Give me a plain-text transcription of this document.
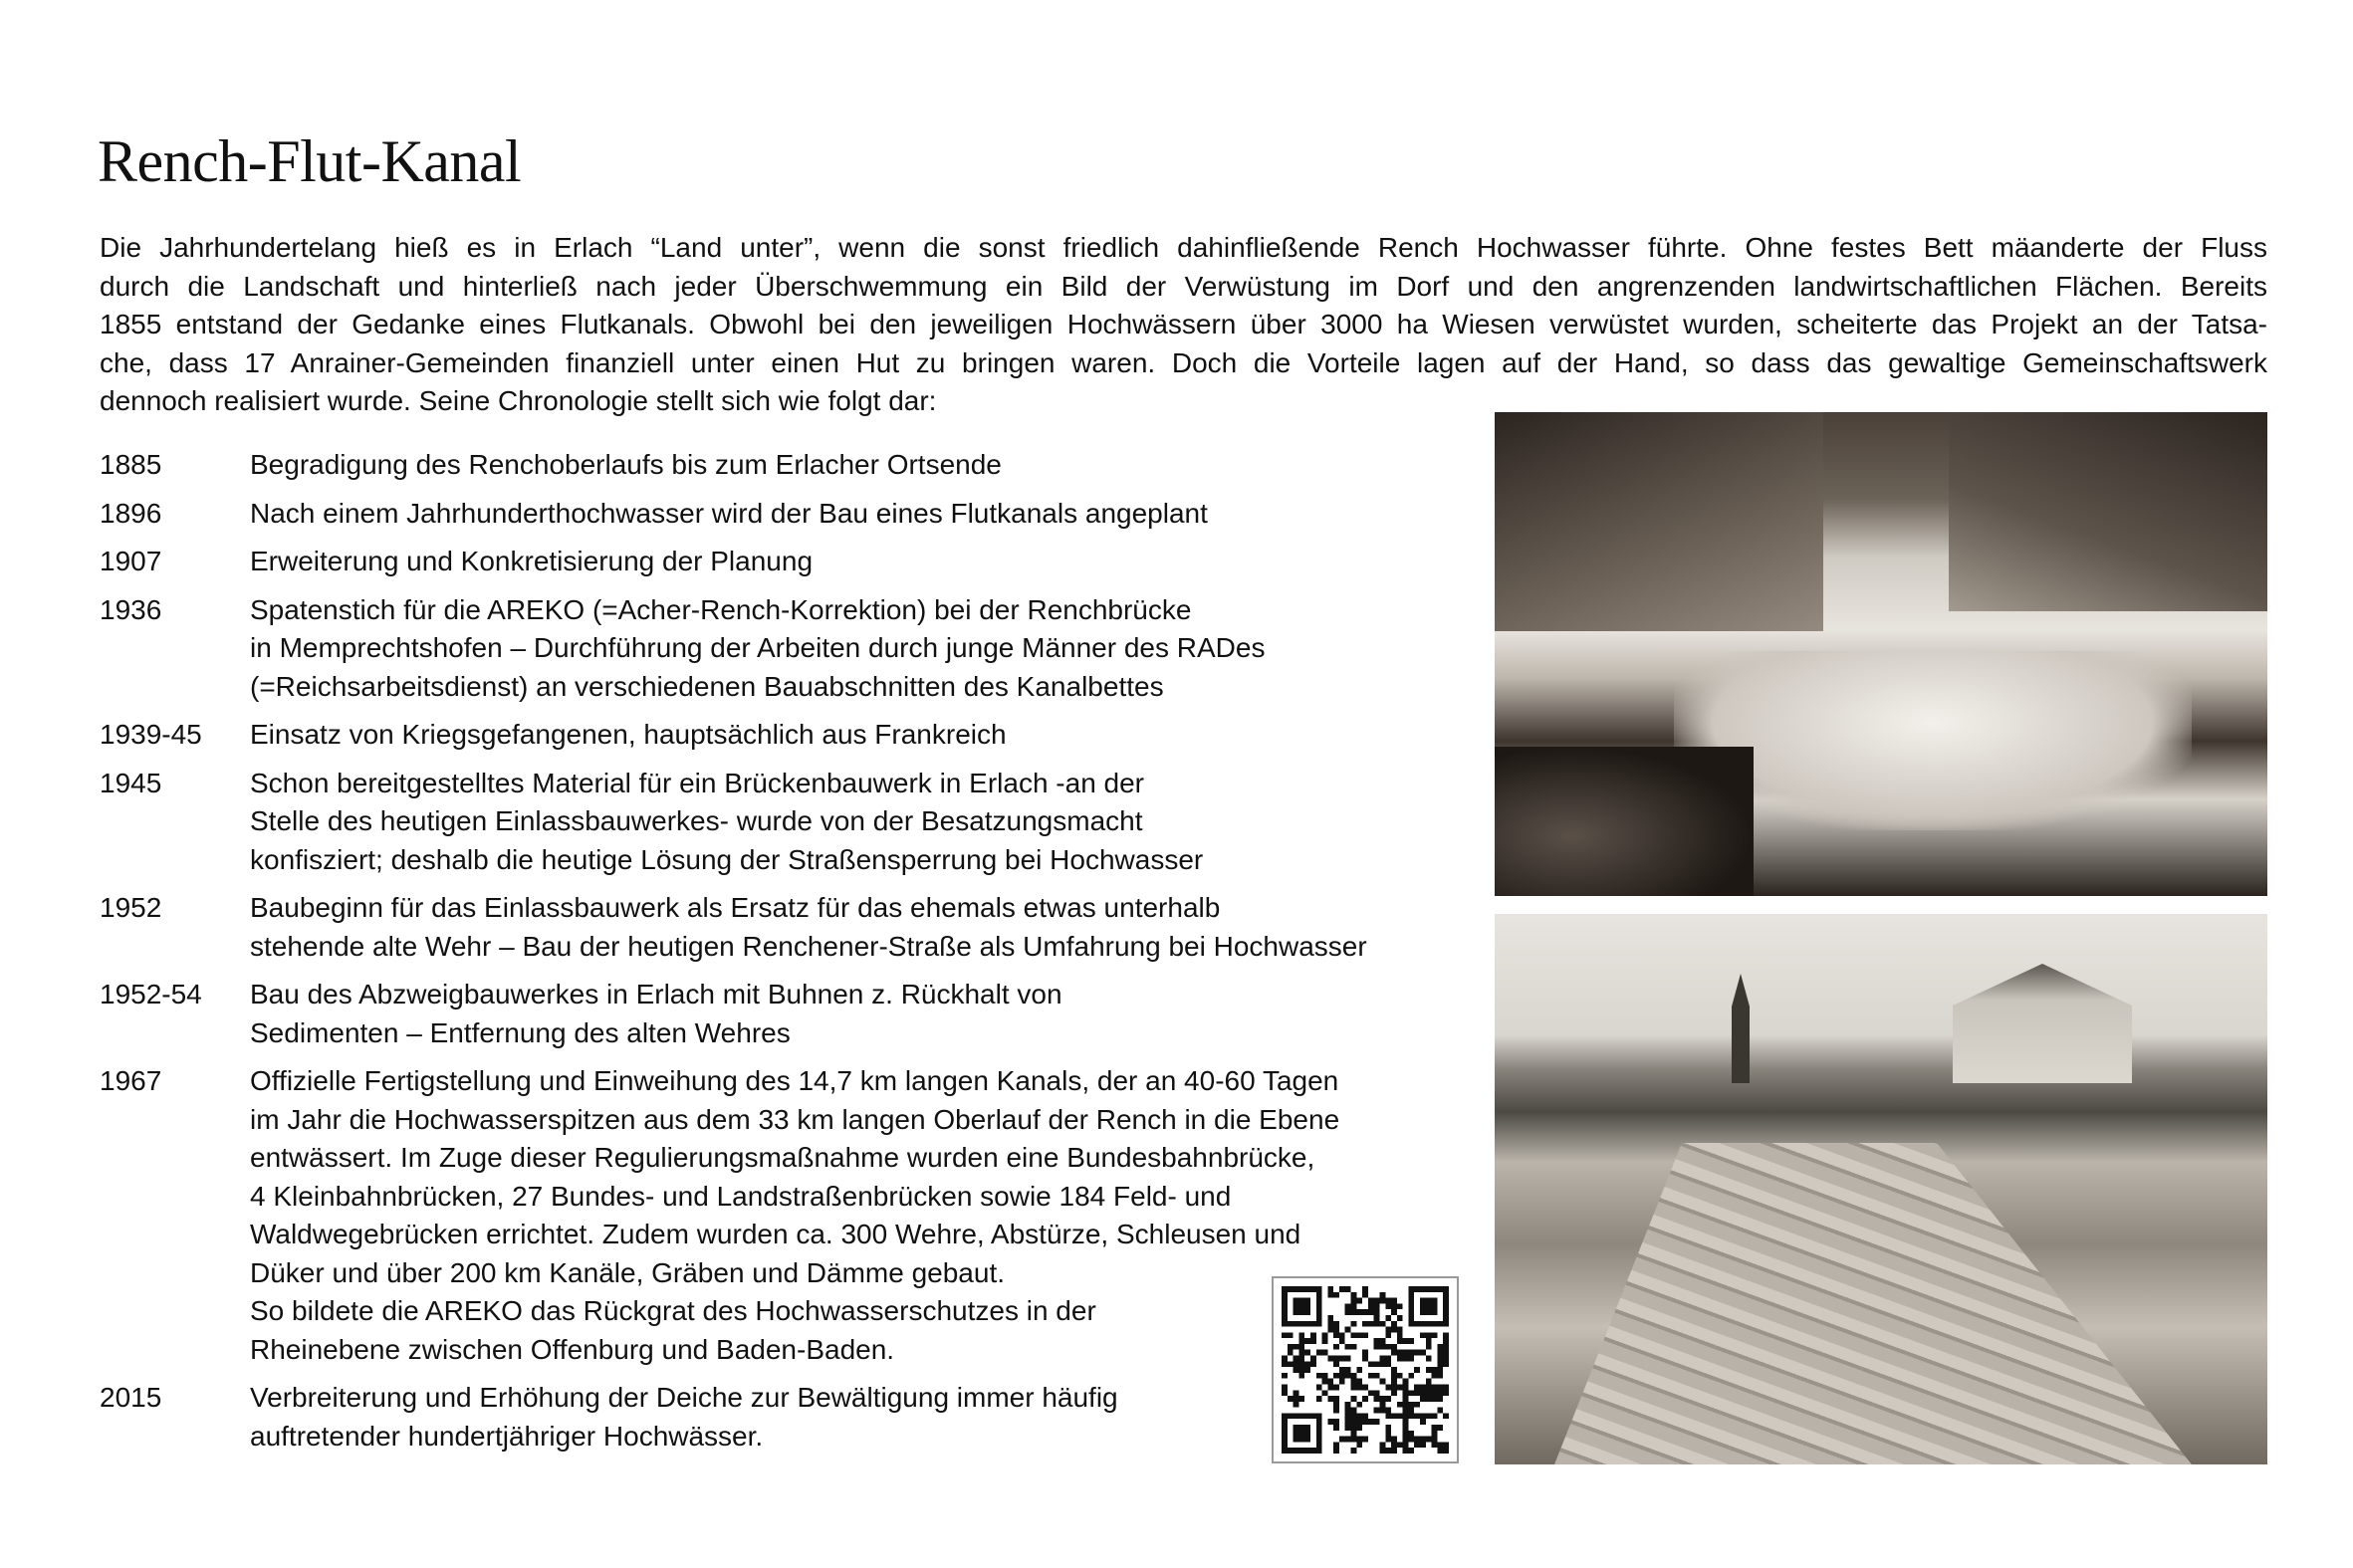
Rench-Flut-Kanal
Die Jahrhundertelang hieß es in Erlach “Land unter”, wenn die sonst friedlich dahinfließende Rench Hochwasser führte. Ohne festes Bett mäanderte der Fluss
durch die Landschaft und hinterließ nach jeder Überschwemmung ein Bild der Verwüstung im Dorf und den angrenzenden landwirtschaftlichen Flächen. Bereits
1855 entstand der Gedanke eines Flutkanals. Obwohl bei den jeweiligen Hochwässern über 3000 ha Wiesen verwüstet wurden, scheiterte das Projekt an der Tatsa-
che, dass 17 Anrainer-Gemeinden finanziell unter einen Hut zu bringen waren. Doch die Vorteile lagen auf der Hand, so dass das gewaltige Gemeinschaftswerk
dennoch realisiert wurde. Seine Chronologie stellt sich wie folgt dar:
1885	Begradigung des Renchoberlaufs bis zum Erlacher Ortsende
1896	Nach einem Jahrhunderthochwasser wird der Bau eines Flutkanals angeplant
1907	Erweiterung und Konkretisierung der Planung
1936	Spatenstich für die AREKO (=Acher-Rench-Korrektion) bei der Renchbrücke
in Memprechtshofen – Durchführung der Arbeiten durch junge Männer des RADes
(=Reichsarbeitsdienst) an verschiedenen Bauabschnitten des Kanalbettes
1939-45	Einsatz von Kriegsgefangenen, hauptsächlich aus Frankreich
1945	Schon bereitgestelltes Material für ein Brückenbauwerk in Erlach -an der
Stelle des heutigen Einlassbauwerkes- wurde von der Besatzungsmacht
konfisziert; deshalb die heutige Lösung der Straßensperrung bei Hochwasser
1952	Baubeginn für das Einlassbauwerk als Ersatz für das ehemals etwas unterhalb
stehende alte Wehr – Bau der heutigen Renchener-Straße als Umfahrung bei Hochwasser
1952-54	Bau des Abzweigbauwerkes in Erlach mit Buhnen z. Rückhalt von
Sedimenten – Entfernung des alten Wehres
1967	Offizielle Fertigstellung und Einweihung des 14,7 km langen Kanals, der an 40-60 Tagen
im Jahr die Hochwasserspitzen aus dem 33 km langen Oberlauf der Rench in die Ebene
entwässert. Im Zuge dieser Regulierungsmaßnahme wurden eine Bundesbahnbrücke,
4 Kleinbahnbrücken, 27 Bundes- und Landstraßenbrücken sowie 184 Feld- und
Waldwegebrücken errichtet. Zudem wurden ca. 300 Wehre, Abstürze, Schleusen und
Düker und über 200 km Kanäle, Gräben und Dämme gebaut.
So bildete die AREKO das Rückgrat des Hochwasserschutzes in der
Rheinebene zwischen Offenburg und Baden-Baden.
2015	Verbreiterung und Erhöhung der Deiche zur Bewältigung immer häufig
auftretender hundertjähriger Hochwässer.
